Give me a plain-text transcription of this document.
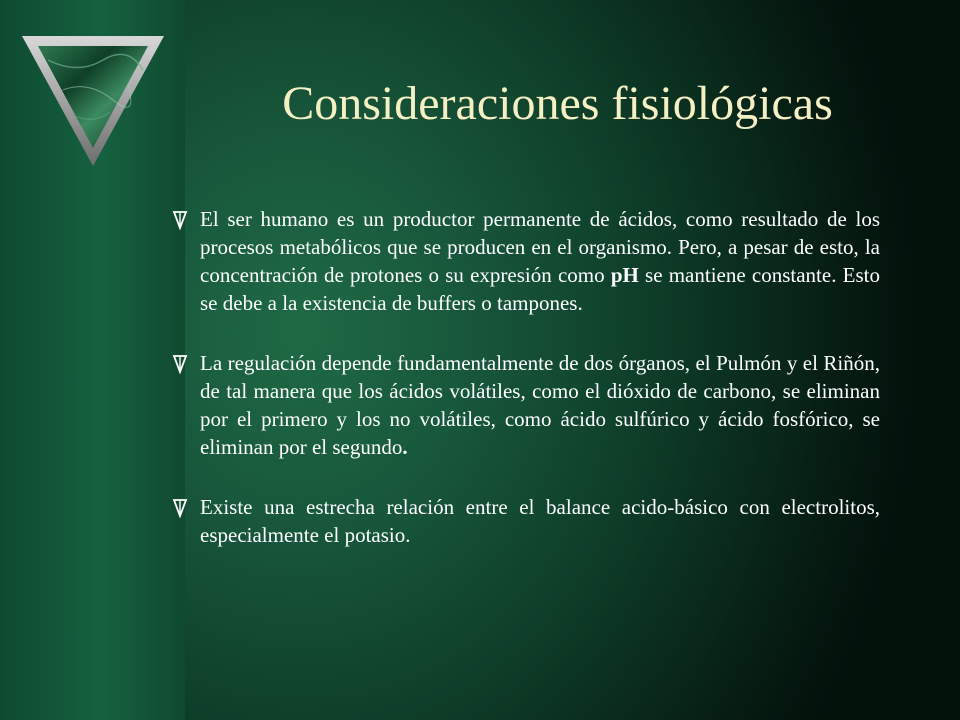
Consideraciones fisiológicas
El ser humano es un productor permanente de ácidos, como resultado de los procesos metabólicos que se producen en el organismo. Pero, a pesar de esto, la concentración de protones o su expresión como pH se mantiene constante. Esto se debe a la existencia de buffers o tampones.
La regulación depende fundamentalmente de dos órganos, el Pulmón y el Riñón, de tal manera que los ácidos volátiles, como el dióxido de carbono, se eliminan por el primero y los no volátiles, como ácido sulfúrico y ácido fosfórico, se eliminan por el segundo.
Existe una estrecha relación entre el balance acido-básico con electrolitos, especialmente el potasio.
